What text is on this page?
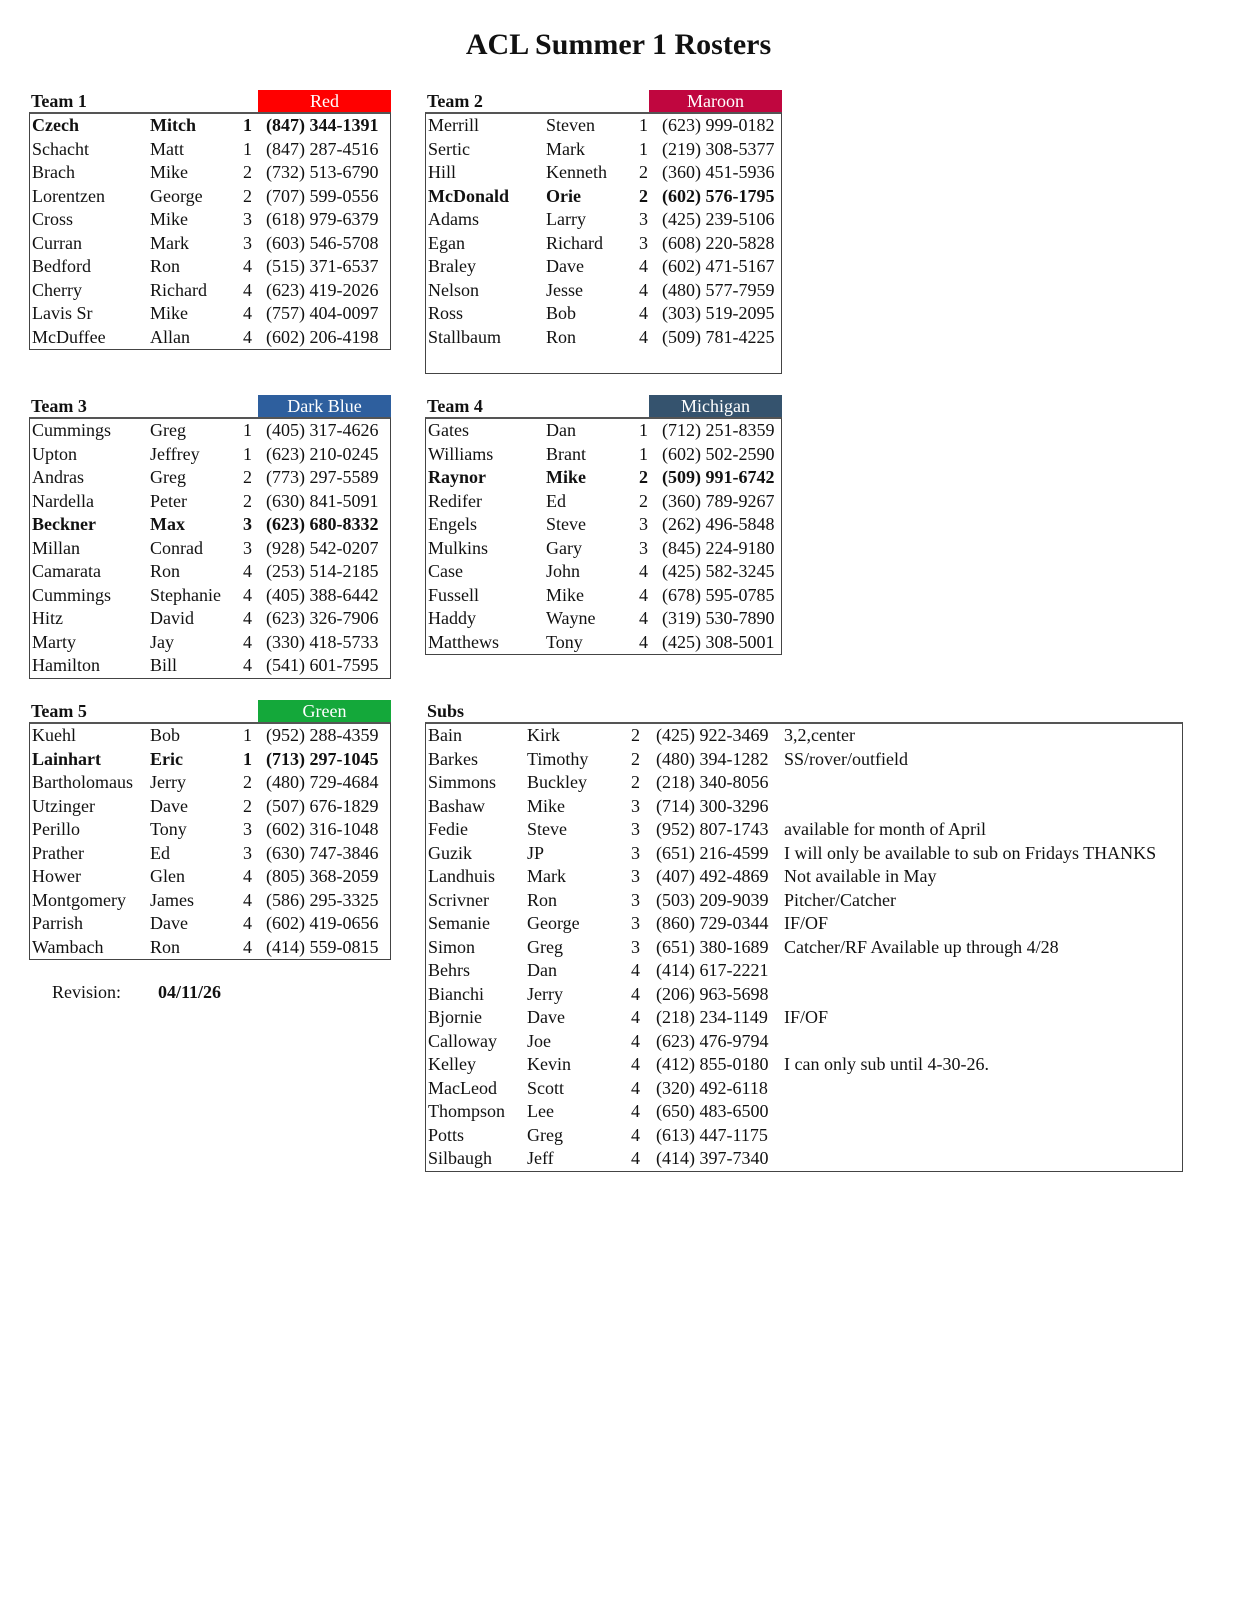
ACL Summer 1 Rosters
Team 1	Red
Czech	Mitch	1 (847) 344-1391
Schacht	Matt	1 (847) 287-4516
Brach	Mike	2 (732) 513-6790
Lorentzen	George	2 (707) 599-0556
Cross	Mike	3 (618) 979-6379
Curran	Mark	3 (603) 546-5708
Bedford	Ron	4 (515) 371-6537
Cherry	Richard	4 (623) 419-2026
Lavis Sr	Mike	4 (757) 404-0097
McDuffee Allan	4 (602) 206-4198
Team 2	Maroon
Merrill	Steven	1 (623) 999-0182
Sertic	Mark	1 (219) 308-5377
Hill	Kenneth	2 (360) 451-5936
McDonald Orie	2 (602) 576-1795
Adams	Larry	3 (425) 239-5106
Egan	Richard	3 (608) 220-5828
Braley	Dave	4 (602) 471-5167
Nelson	Jesse	4 (480) 577-7959
Ross	Bob	4 (303) 519-2095
Stallbaum	Ron	4 (509) 781-4225
Team 3	Dark Blue
Cummings Greg	1 (405) 317-4626
Upton	Jeffrey	1 (623) 210-0245
Andras	Greg	2 (773) 297-5589
Nardella	Peter	2 (630) 841-5091
Beckner	Max	3 (623) 680-8332
Millan	Conrad	3 (928) 542-0207
Camarata	Ron	4 (253) 514-2185
Cummings Stephanie	4 (405) 388-6442
Hitz	David	4 (623) 326-7906
Marty	Jay	4 (330) 418-5733
Hamilton	Bill	4 (541) 601-7595
Team 4	Michigan
Gates	Dan	1 (712) 251-8359
Williams	Brant	1 (602) 502-2590
Raynor	Mike	2 (509) 991-6742
Redifer	Ed	2 (360) 789-9267
Engels	Steve	3 (262) 496-5848
Mulkins	Gary	3 (845) 224-9180
Case	John	4 (425) 582-3245
Fussell	Mike	4 (678) 595-0785
Haddy	Wayne	4 (319) 530-7890
Matthews	Tony	4 (425) 308-5001
Team 5	Green
Kuehl	Bob	1 (952) 288-4359
Lainhart	Eric	1 (713) 297-1045
Bartholomaus Jerry	2 (480) 729-4684
Utzinger	Dave	2 (507) 676-1829
Perillo	Tony	3 (602) 316-1048
Prather	Ed	3 (630) 747-3846
Hower	Glen	4 (805) 368-2059
Montgomery James	4 (586) 295-3325
Parrish	Dave	4 (602) 419-0656
Wambach	Ron	4 (414) 559-0815
Subs
Bain	Kirk	2 (425) 922-3469 3,2,center
Barkes	Timothy	2 (480) 394-1282 SS/rover/outfield
Simmons Buckley	2 (218) 340-8056
Bashaw Mike	3 (714) 300-3296
Fedie	Steve	3 (952) 807-1743 available for month of April
Guzik	JP	3 (651) 216-4599 I will only be available to sub on Fridays THANKS
Landhuis Mark	3 (407) 492-4869 Not available in May
Scrivner Ron	3 (503) 209-9039 Pitcher/Catcher
Semanie George	3 (860) 729-0344 IF/OF
Simon	Greg	3 (651) 380-1689 Catcher/RF Available up through 4/28
Behrs	Dan	4 (414) 617-2221
Bianchi Jerry	4 (206) 963-5698
Bjornie	Dave	4 (218) 234-1149 IF/OF
Calloway Joe	4 (623) 476-9794
Kelley	Kevin	4 (412) 855-0180 I can only sub until 4-30-26.
MacLeod Scott	4 (320) 492-6118
Thompson Lee	4 (650) 483-6500
Potts	Greg	4 (613) 447-1175
Silbaugh Jeff	4 (414) 397-7340
Revision: 04/11/26
